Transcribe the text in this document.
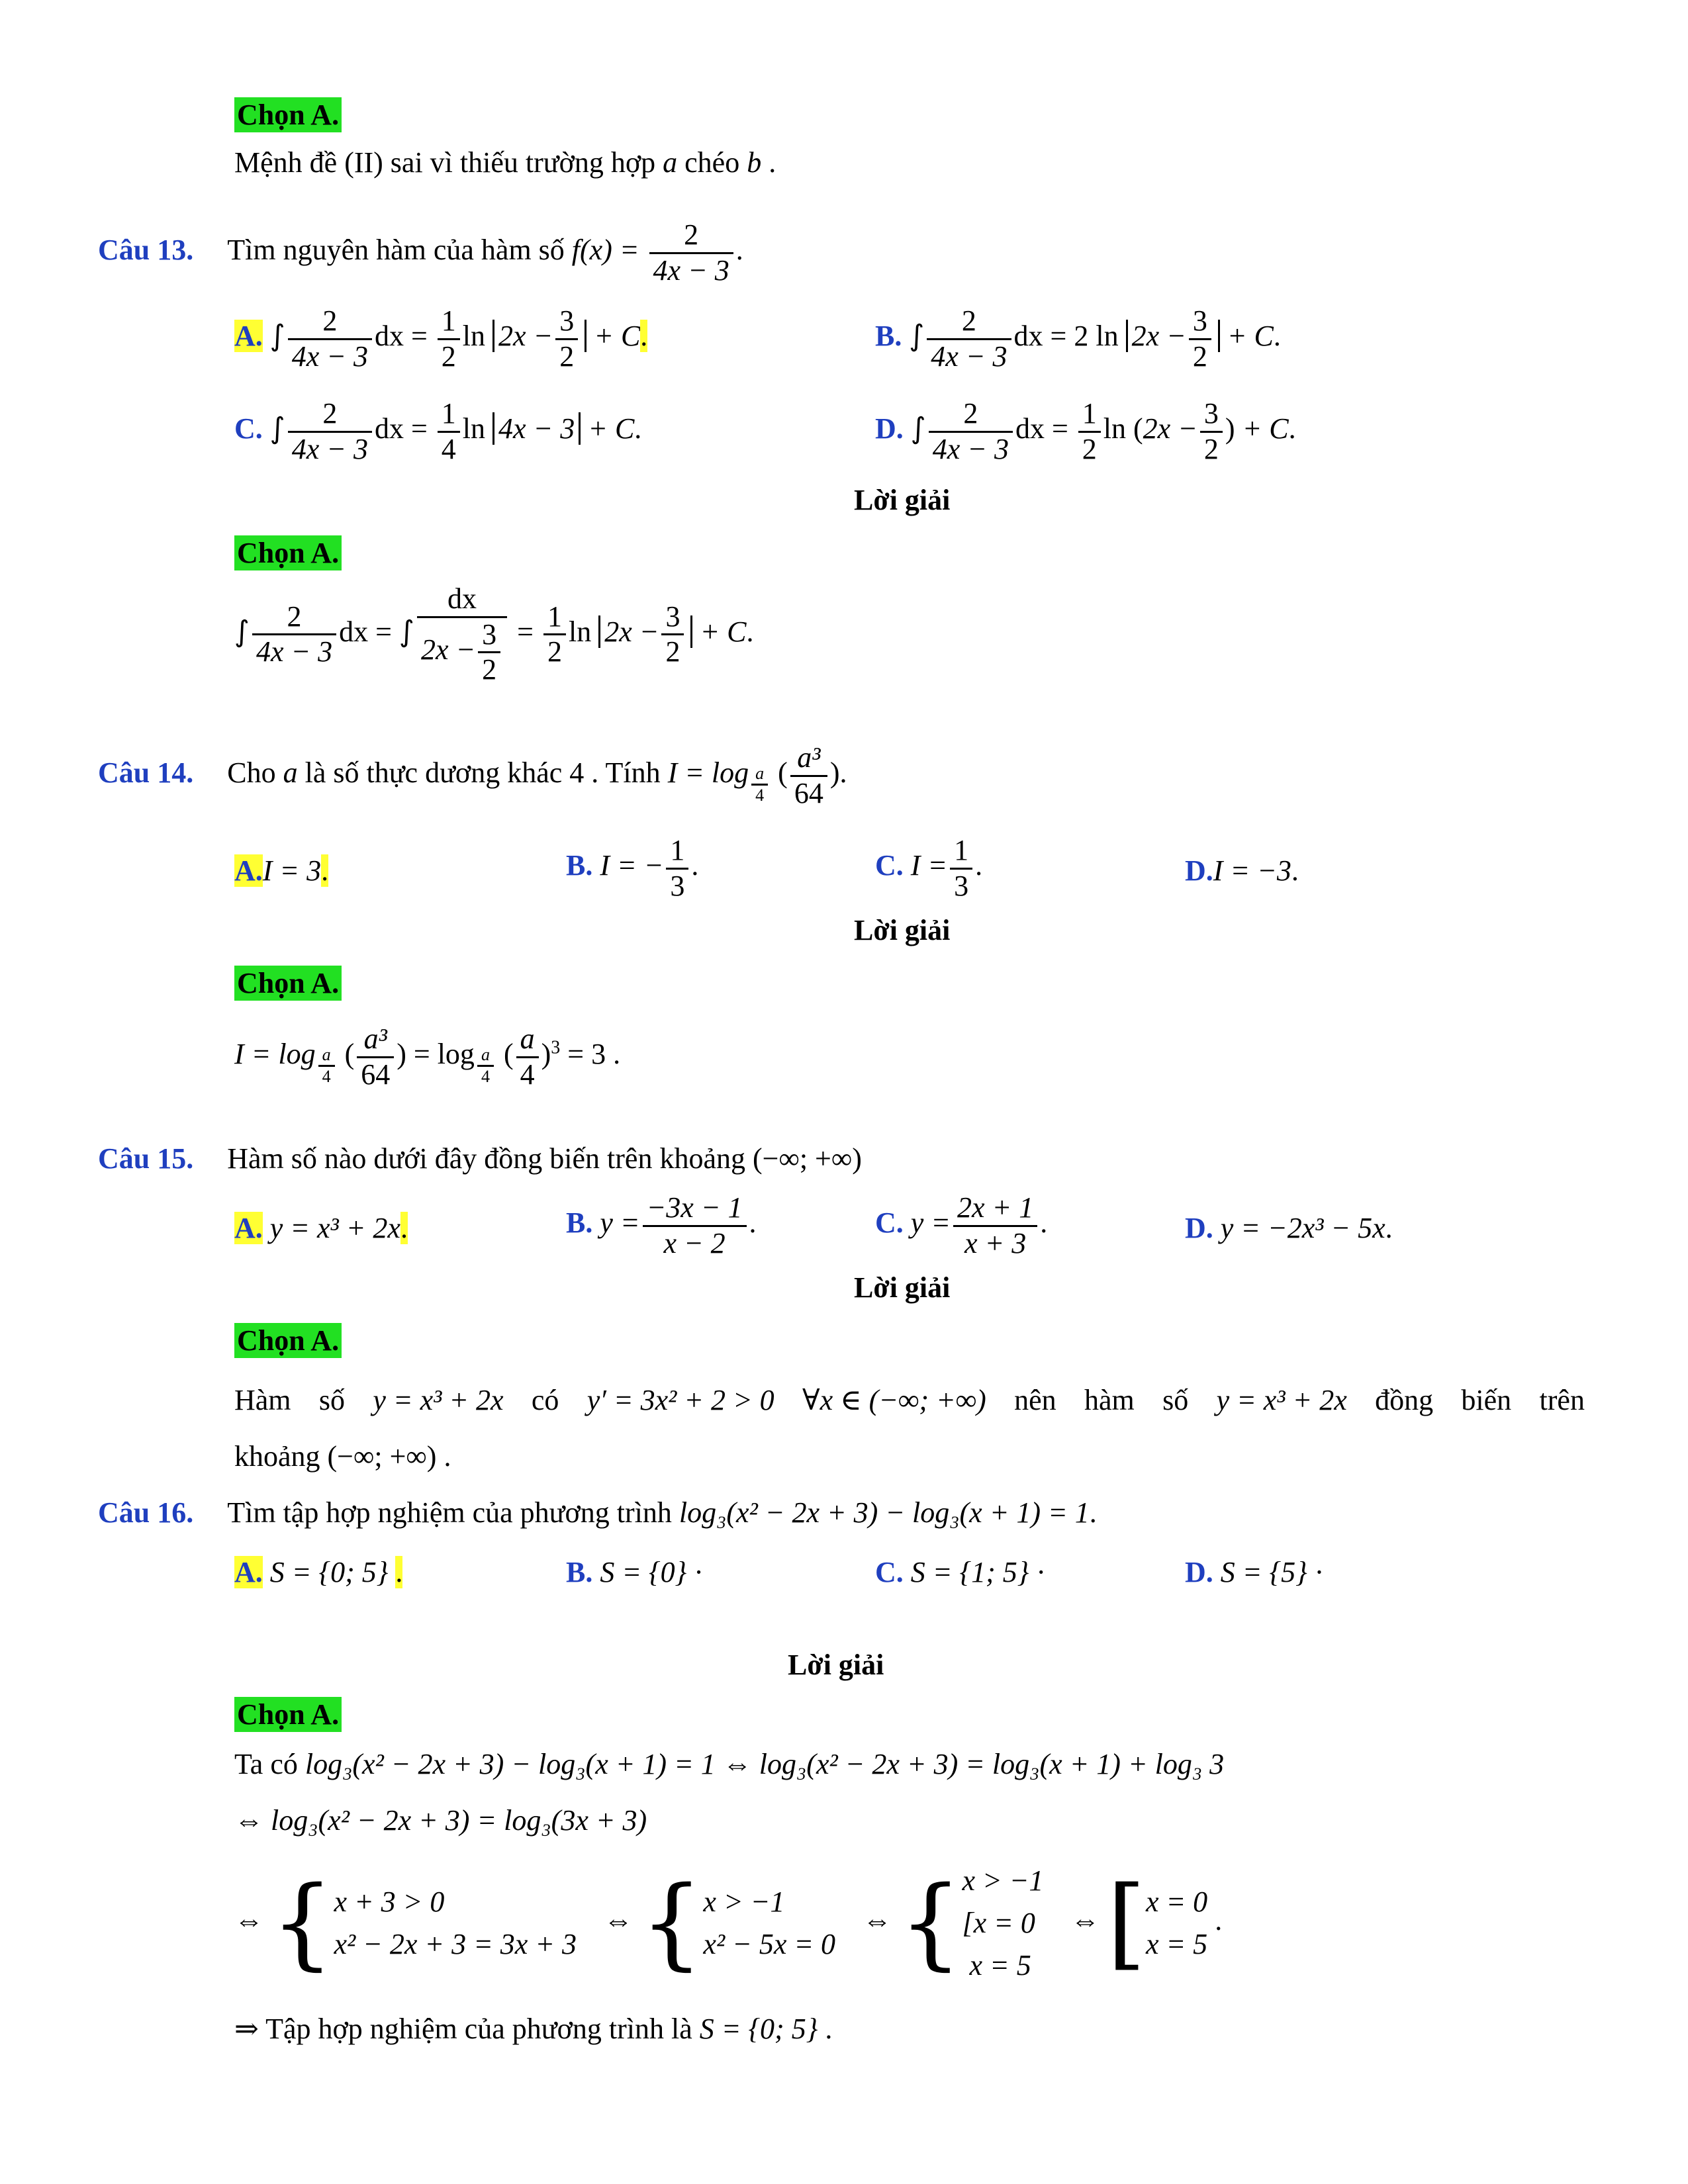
Chọn A.
Mệnh đề (II) sai vì thiếu trường hợp a chéo b .
Câu 13. Tìm nguyên hàm của hàm số $f(x) = \frac{2}{4x - 3}$ .
A. ∫ $\frac{2}{4x - 3}$ dx = $\frac{1}{2}$ $\ln 2x - \frac{3}{2} + C$.	B. ∫ $\frac{2}{4x - 3}$ dx = 2 $\ln 2x - \frac{3}{2} + C$.
C. ∫ $\frac{2}{4x - 3}$ dx = $\frac{1}{4}$ ln 4x − 3 + C.	D. ∫ $\frac{2}{4x - 3}$ dx = $\frac{1}{2}$ $\ln (2x - \frac{3}{2}$ ) + C.
Lời giải
Chọn A.
∫ $\frac{2}{4x - 3}$ dx = ∫ $\frac{dx}{2x - \frac{3}{2}} = \frac{1}{2}$ $\ln 2x - \frac{3}{2} + C$.
Câu 14. Cho a là số thực dương khác 4 . Tính I = log $_{\frac{a}{4}}$ ( $\frac{\text{a³}}{64}$ ).
A.I = 3.	B. I = − $\frac{1}{3}$ .	C. $I = \frac{1}{3}$ .	D.I = −3.
Lời giải
Chọn A.
I = log $_{\frac{a}{4}}$ ( $\frac{\text{a³}}{64}$ ) = log $_{\frac{a}{4}}$ ( $\frac{a}{4} )^3 = 3$ .
Câu 15. Hàm số nào dưới đây đồng biến trên khoảng (−∞; +∞)
A. y = x³ + 2x.	B. $y = \frac{-3x - 1}{x - 2}$ .	C. $y = \frac{2x + 1}{x + 3}$ .	D. y = −2x³ − 5x.
Lời giải
Chọn A.
Hàm số y = x³ + 2x có y′ = 3x² + 2 > 0 ∀x ∈ (−∞; +∞) nên hàm số y = x³ + 2x đồng biến trên
khoảng (−∞; +∞) .
Câu 16. Tìm tập hợp nghiệm của phương trình log₃(x² − 2x + 3) − log₃(x + 1) = 1.
A. S = {0; 5} .	B. S = {0} ·	C. S = {1; 5} ·	D. S = {5} ·
Lời giải
Chọn A.
Ta có log₃(x² − 2x + 3) − log₃(x + 1) = 1 ⇔ log₃(x² − 2x + 3) = log₃(x + 1) + log₃ 3
⇔ log₃(x² − 2x + 3) = log₃(3x + 3)
⇔ { x + 3 > 0
x² − 2x + 3 = 3x + 3
⇔ { x > −1
x² − 5x = 0
⇔ { x > −1
[x = 0
x = 5
⇔ [ x = 0
x = 5
.
⇒ Tập hợp nghiệm của phương trình là S = {0; 5} .
